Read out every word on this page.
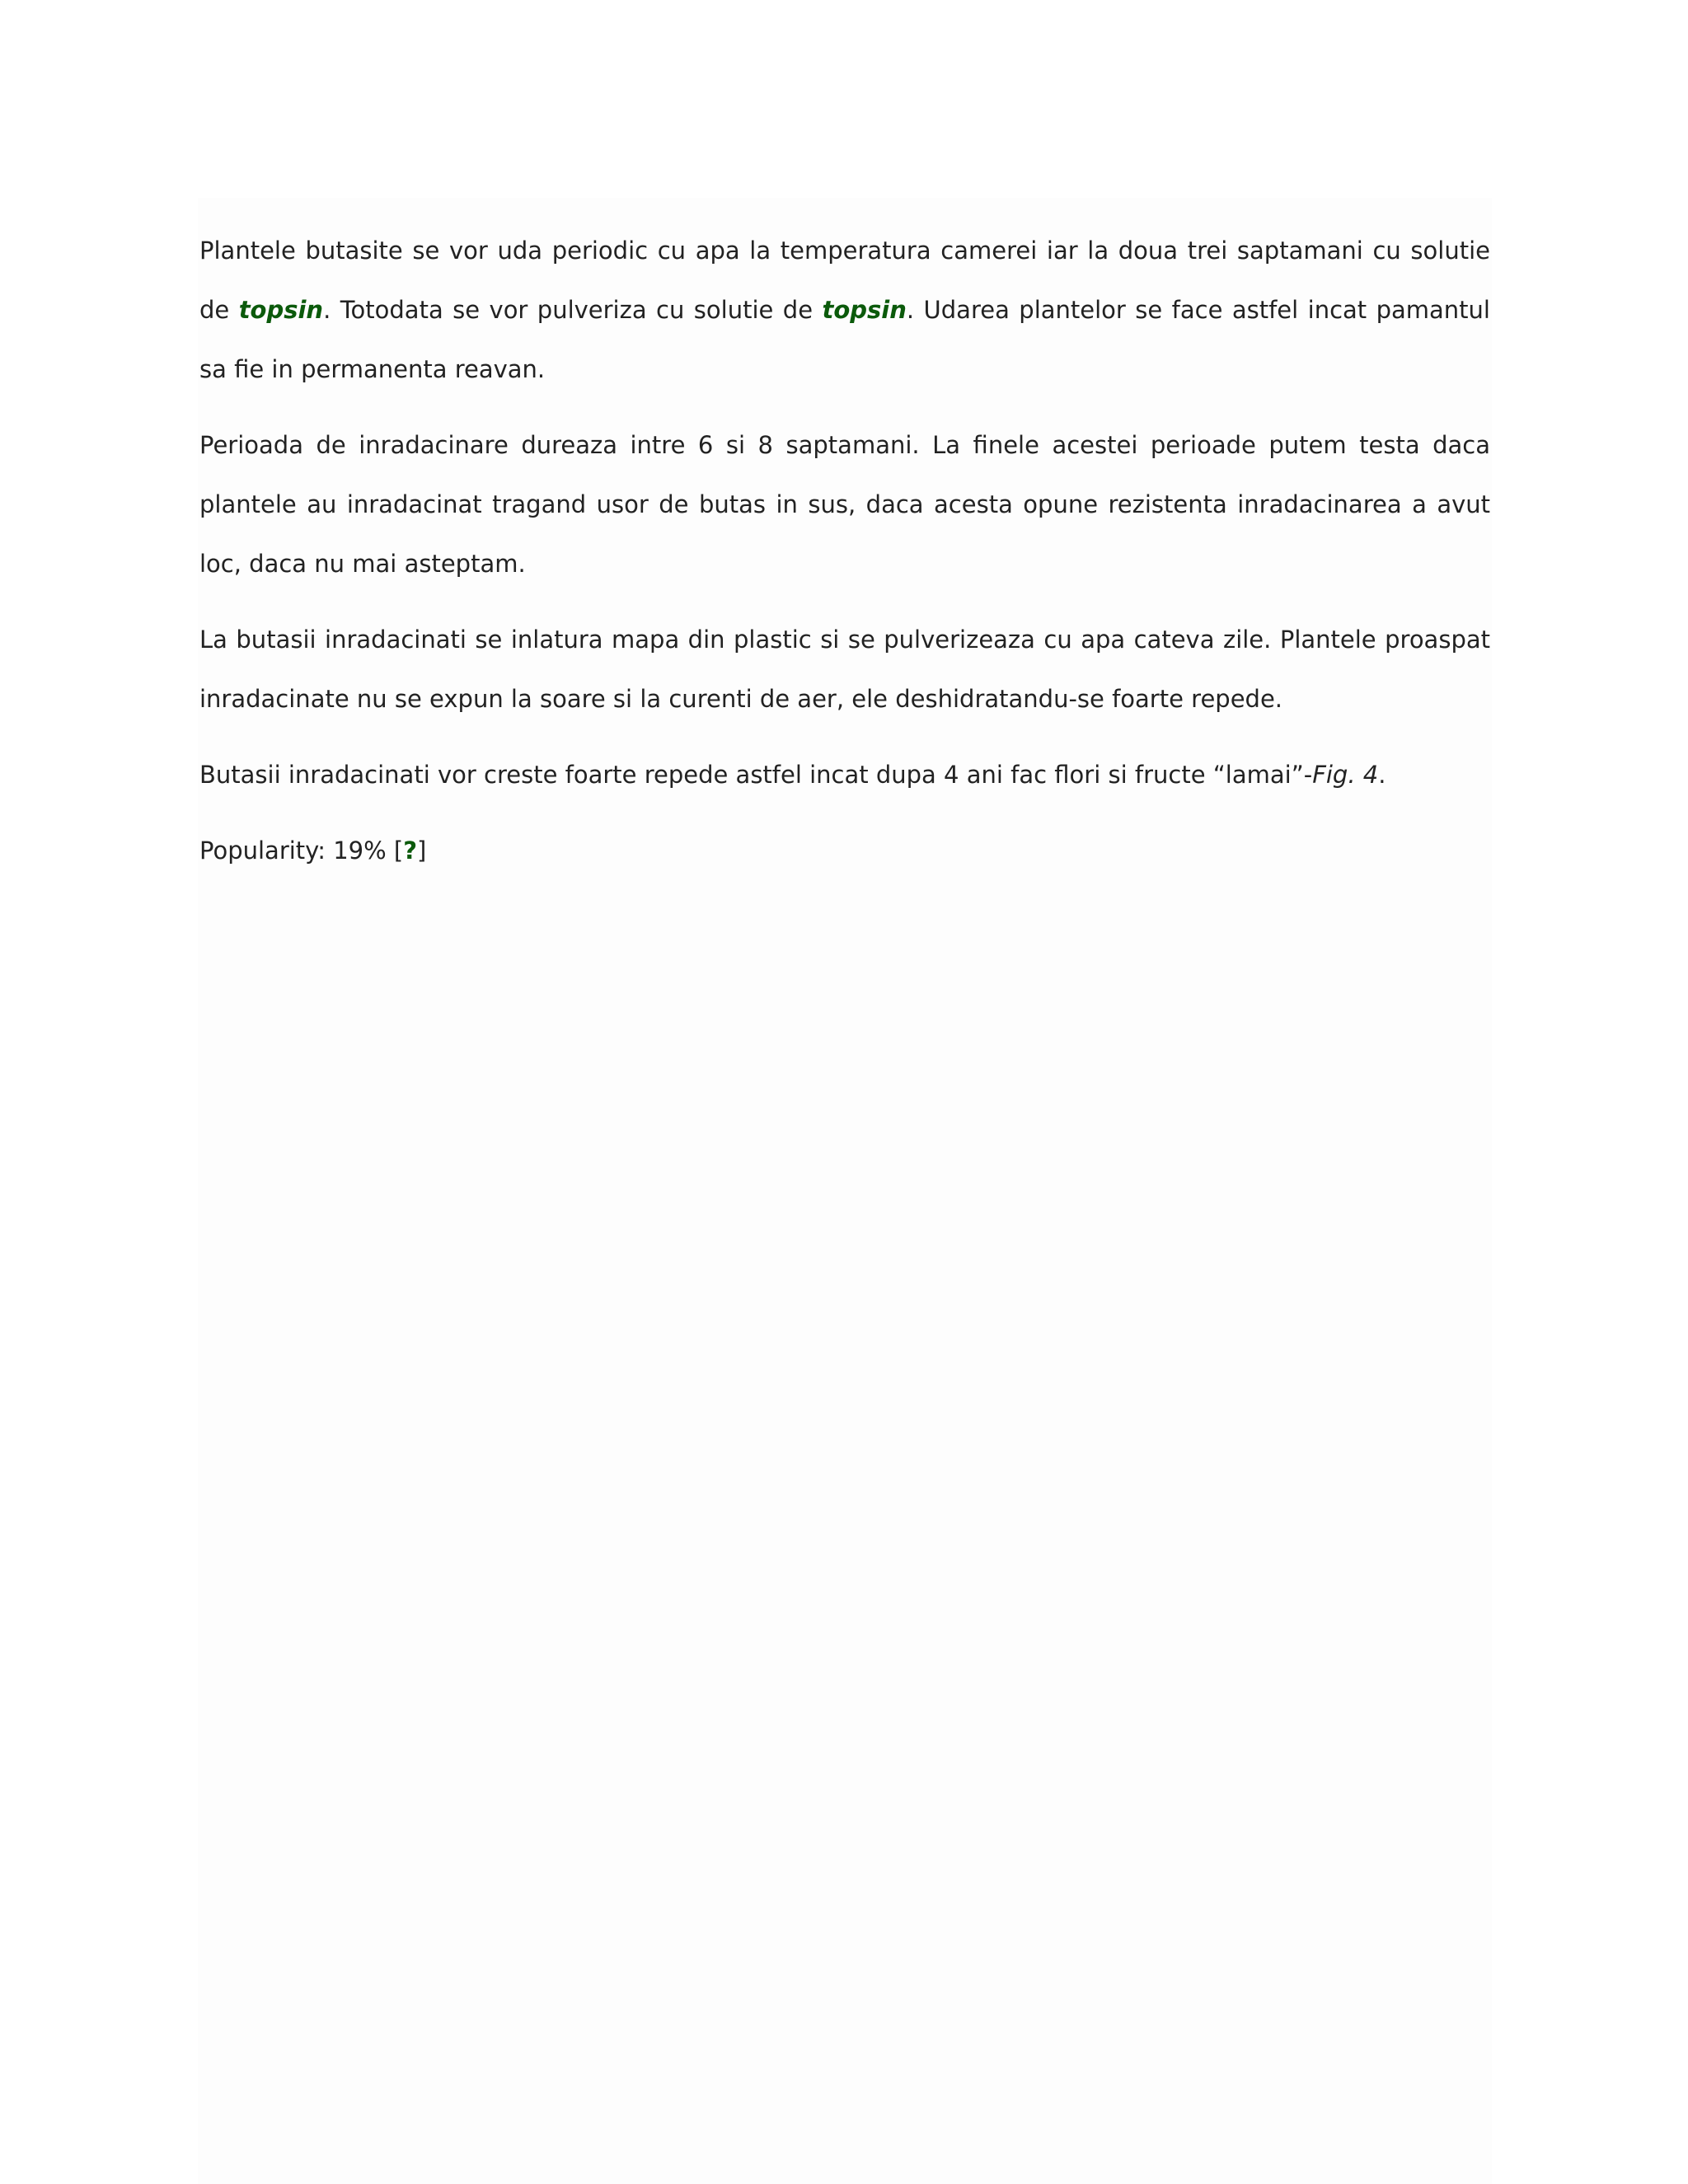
Plantele butasite se vor uda periodic cu apa la temperatura camerei iar la doua trei saptamani cu solutie de topsin. Totodata se vor pulveriza cu solutie de topsin. Udarea plantelor se face astfel incat pamantul sa fie in permanenta reavan.

Perioada de inradacinare dureaza intre 6 si 8 saptamani. La finele acestei perioade putem testa daca plantele au inradacinat tragand usor de butas in sus, daca acesta opune rezistenta inradacinarea a avut loc, daca nu mai asteptam.

La butasii inradacinati se inlatura mapa din plastic si se pulverizeaza cu apa cateva zile. Plantele proaspat inradacinate nu se expun la soare si la curenti de aer, ele deshidratandu-se foarte repede.

Butasii inradacinati vor creste foarte repede astfel incat dupa 4 ani fac flori si fructe “lamai”-Fig. 4.

Popularity: 19% [?]
